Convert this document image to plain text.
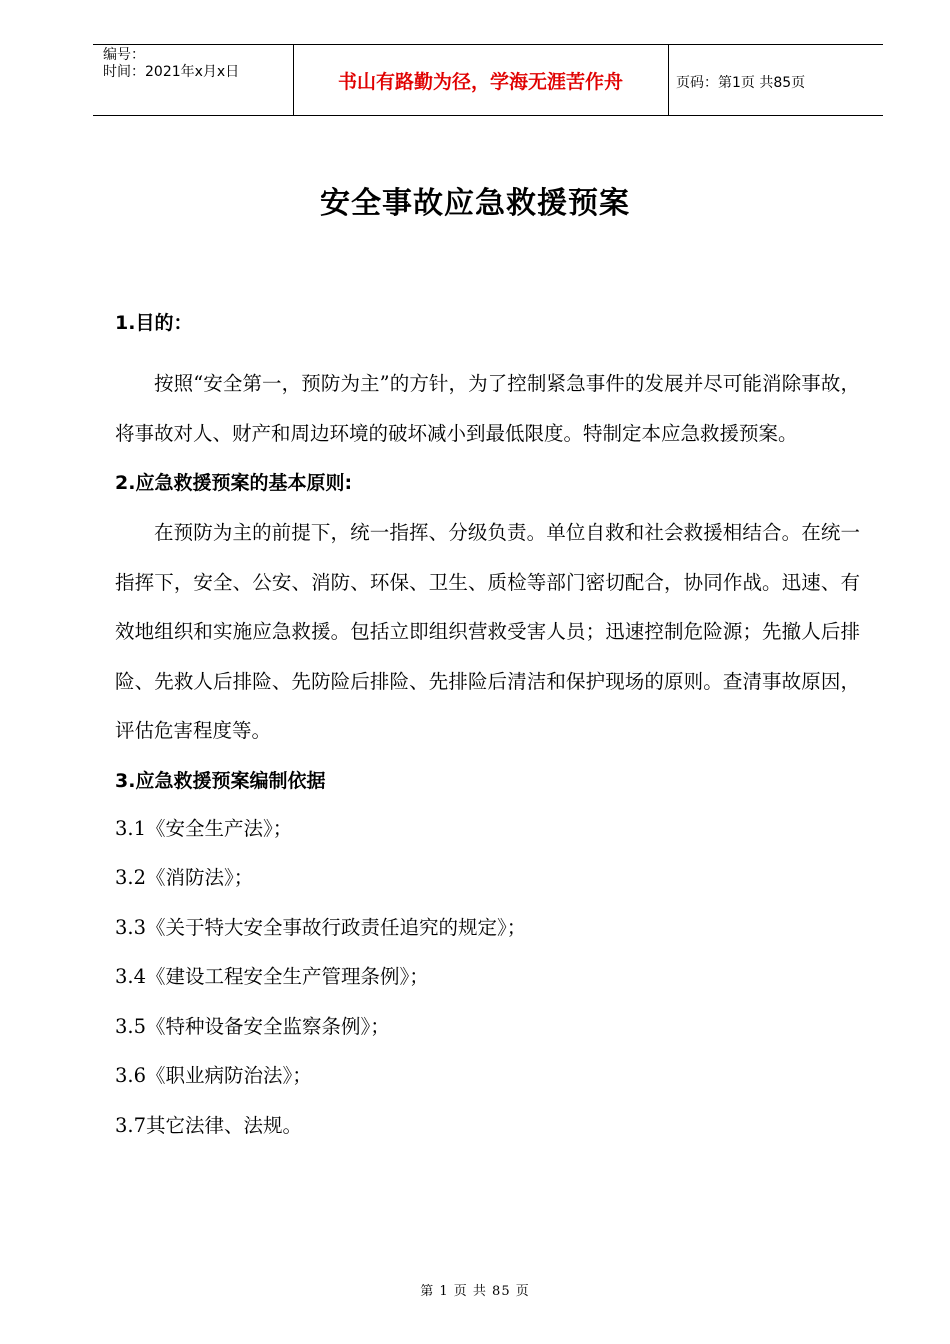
编号：
时间：2021年x月x日	书山有路勤为径，学海无涯苦作舟	页码：第1页 共85页
安全事故应急救援预案

1.目的：

按照“安全第一，预防为主”的方针，为了控制紧急事件的发展并尽可能消除事故，将事故对人、财产和周边环境的破坏减小到最低限度。特制定本应急救援预案。

2.应急救援预案的基本原则:

在预防为主的前提下，统一指挥、分级负责。单位自救和社会救援相结合。在统一指挥下，安全、公安、消防、环保、卫生、质检等部门密切配合，协同作战。迅速、有效地组织和实施应急救援。包括立即组织营救受害人员；迅速控制危险源；先撤人后排险、先救人后排险、先防险后排险、先排险后清洁和保护现场的原则。查清事故原因，评估危害程度等。

3.应急救援预案编制依据

3.1《安全生产法》；

3.2《消防法》；

3.3《关于特大安全事故行政责任追究的规定》；

3.4《建设工程安全生产管理条例》；

3.5《特种设备安全监察条例》；

3.6《职业病防治法》；

3.7其它法律、法规。

第 1 页 共 85 页
